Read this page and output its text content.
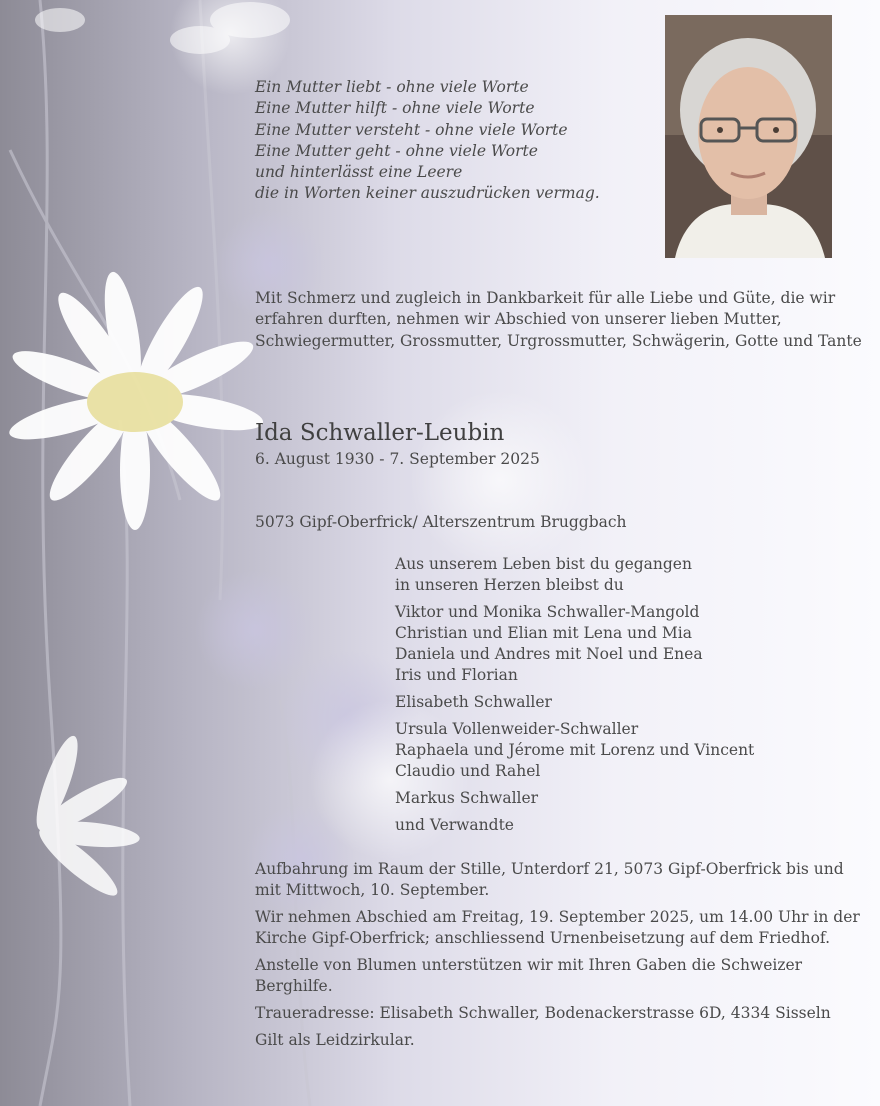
Ein Mutter liebt - ohne viele Worte
Eine Mutter hilft - ohne viele Worte
Eine Mutter versteht - ohne viele Worte
Eine Mutter geht - ohne viele Worte
und hinterlässt eine Leere
die in Worten keiner auszudrücken vermag.
Mit Schmerz und zugleich in Dankbarkeit für alle Liebe und Güte, die wir erfahren durften, nehmen wir Abschied von unserer lieben Mutter, Schwiegermutter, Grossmutter, Urgrossmutter, Schwägerin, Gotte und Tante
Ida Schwaller-Leubin
6. August 1930 - 7. September 2025
5073 Gipf-Oberfrick/ Alterszentrum Bruggbach
Aus unserem Leben bist du gegangen
in unseren Herzen bleibst du
Viktor und Monika Schwaller-Mangold
Christian und Elian mit Lena und Mia
Daniela und Andres mit Noel und Enea
Iris und Florian
Elisabeth Schwaller
Ursula Vollenweider-Schwaller
Raphaela und Jérome mit Lorenz und Vincent
Claudio und Rahel
Markus Schwaller
und Verwandte

Aufbahrung im Raum der Stille, Unterdorf 21, 5073 Gipf-Oberfrick bis und mit Mittwoch, 10. September.

Wir nehmen Abschied am Freitag, 19. September 2025, um 14.00 Uhr in der Kirche Gipf-Oberfrick; anschliessend Urnenbeisetzung auf dem Friedhof.

Anstelle von Blumen unterstützen wir mit Ihren Gaben die Schweizer Berghilfe.

Traueradresse: Elisabeth Schwaller, Bodenackerstrasse 6D, 4334 Sisseln

Gilt als Leidzirkular.
